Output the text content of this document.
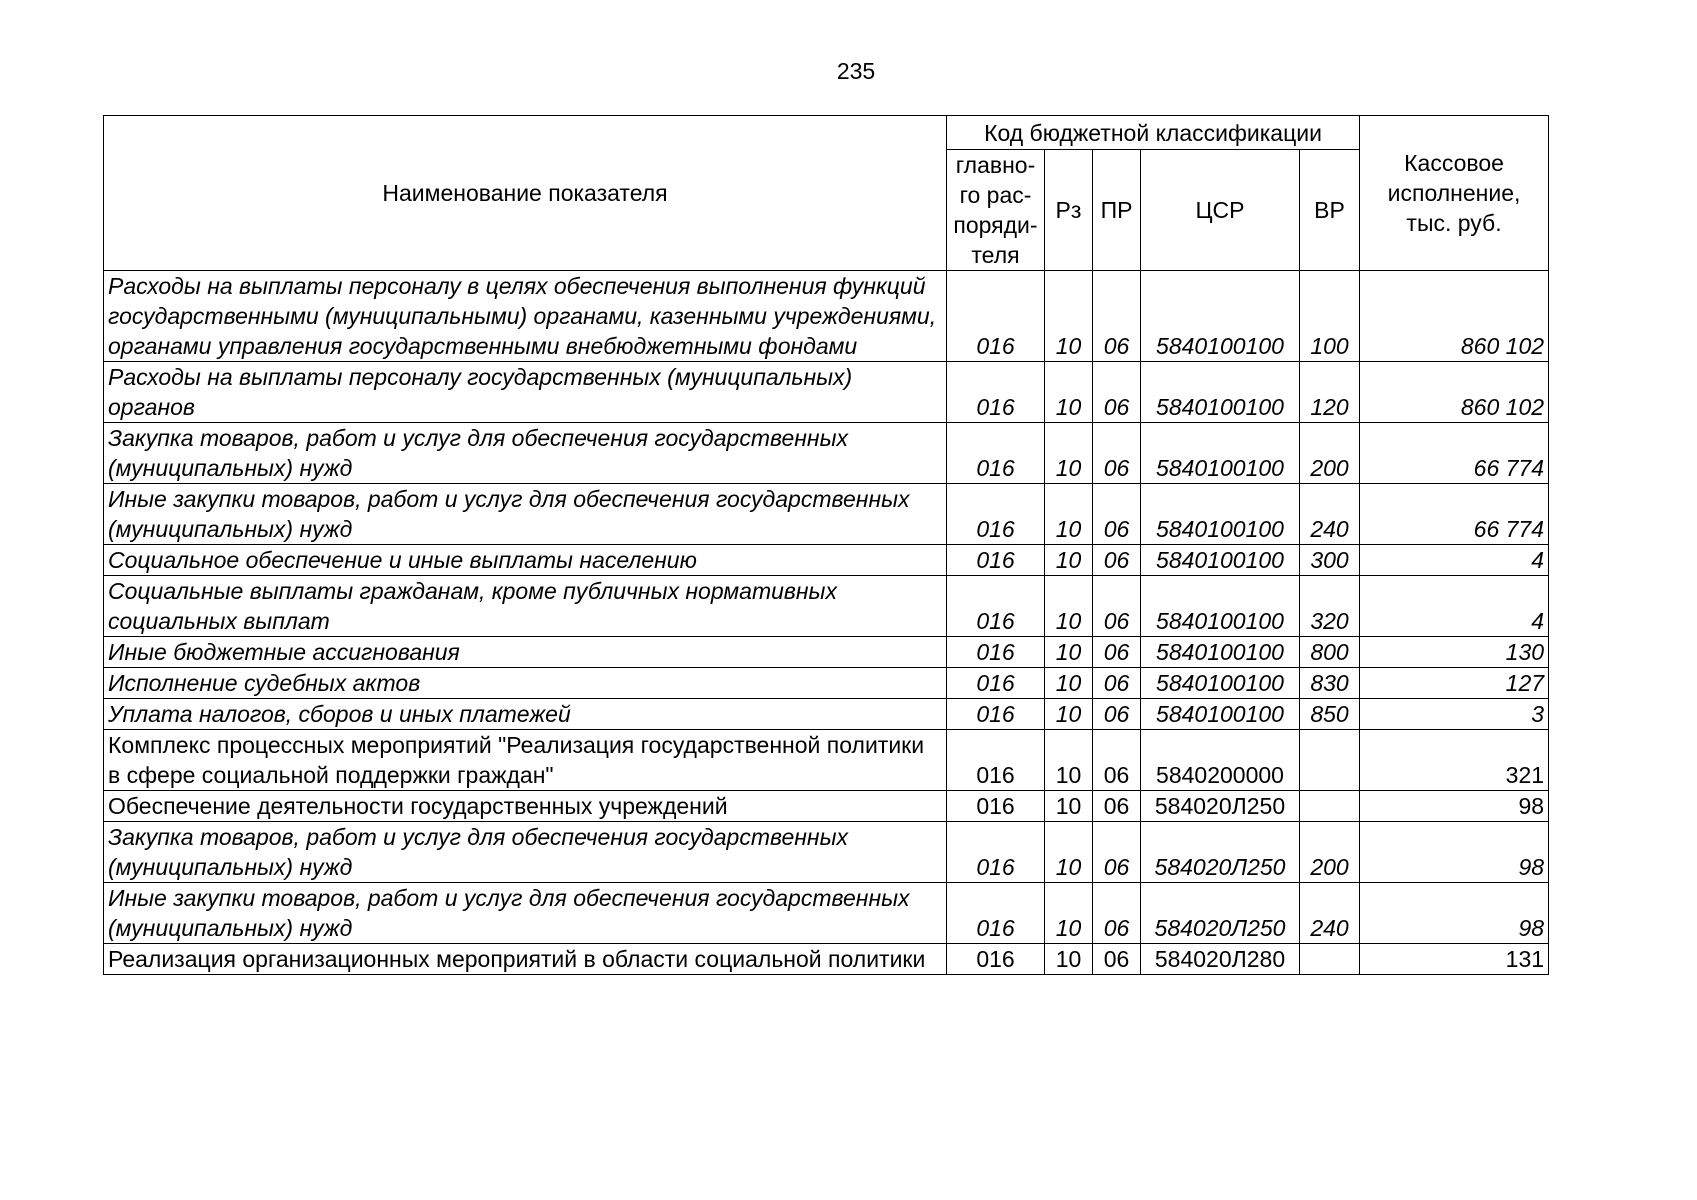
235
Наименование показателя	Код бюджетной классификации					Кассовое
исполнение,
тыс. руб.
	главно-
го рас-
поряди-
теля	Рз	ПР	ЦСР	ВР	
Расходы на выплаты персоналу в целях обеспечения выполнения функций государственными (муниципальными) органами, казенными учреждениями, органами управления государственными внебюджетными фондами	016	10	06	5840100100	100	860 102
Расходы на выплаты персоналу государственных (муниципальных) органов	016	10	06	5840100100	120	860 102
Закупка товаров, работ и услуг для обеспечения государственных (муниципальных) нужд	016	10	06	5840100100	200	66 774
Иные закупки товаров, работ и услуг для обеспечения государственных (муниципальных) нужд	016	10	06	5840100100	240	66 774
Социальное обеспечение и иные выплаты населению	016	10	06	5840100100	300	4
Социальные выплаты гражданам, кроме публичных нормативных социальных выплат	016	10	06	5840100100	320	4
Иные бюджетные ассигнования	016	10	06	5840100100	800	130
Исполнение судебных актов	016	10	06	5840100100	830	127
Уплата налогов, сборов и иных платежей	016	10	06	5840100100	850	3
Комплекс процессных мероприятий "Реализация государственной политики в сфере социальной поддержки граждан"	016	10	06	5840200000		321
Обеспечение деятельности государственных учреждений	016	10	06	584020Л250		98
Закупка товаров, работ и услуг для обеспечения государственных (муниципальных) нужд	016	10	06	584020Л250	200	98
Иные закупки товаров, работ и услуг для обеспечения государственных (муниципальных) нужд	016	10	06	584020Л250	240	98
Реализация организационных мероприятий в области социальной политики	016	10	06	584020Л280		131
